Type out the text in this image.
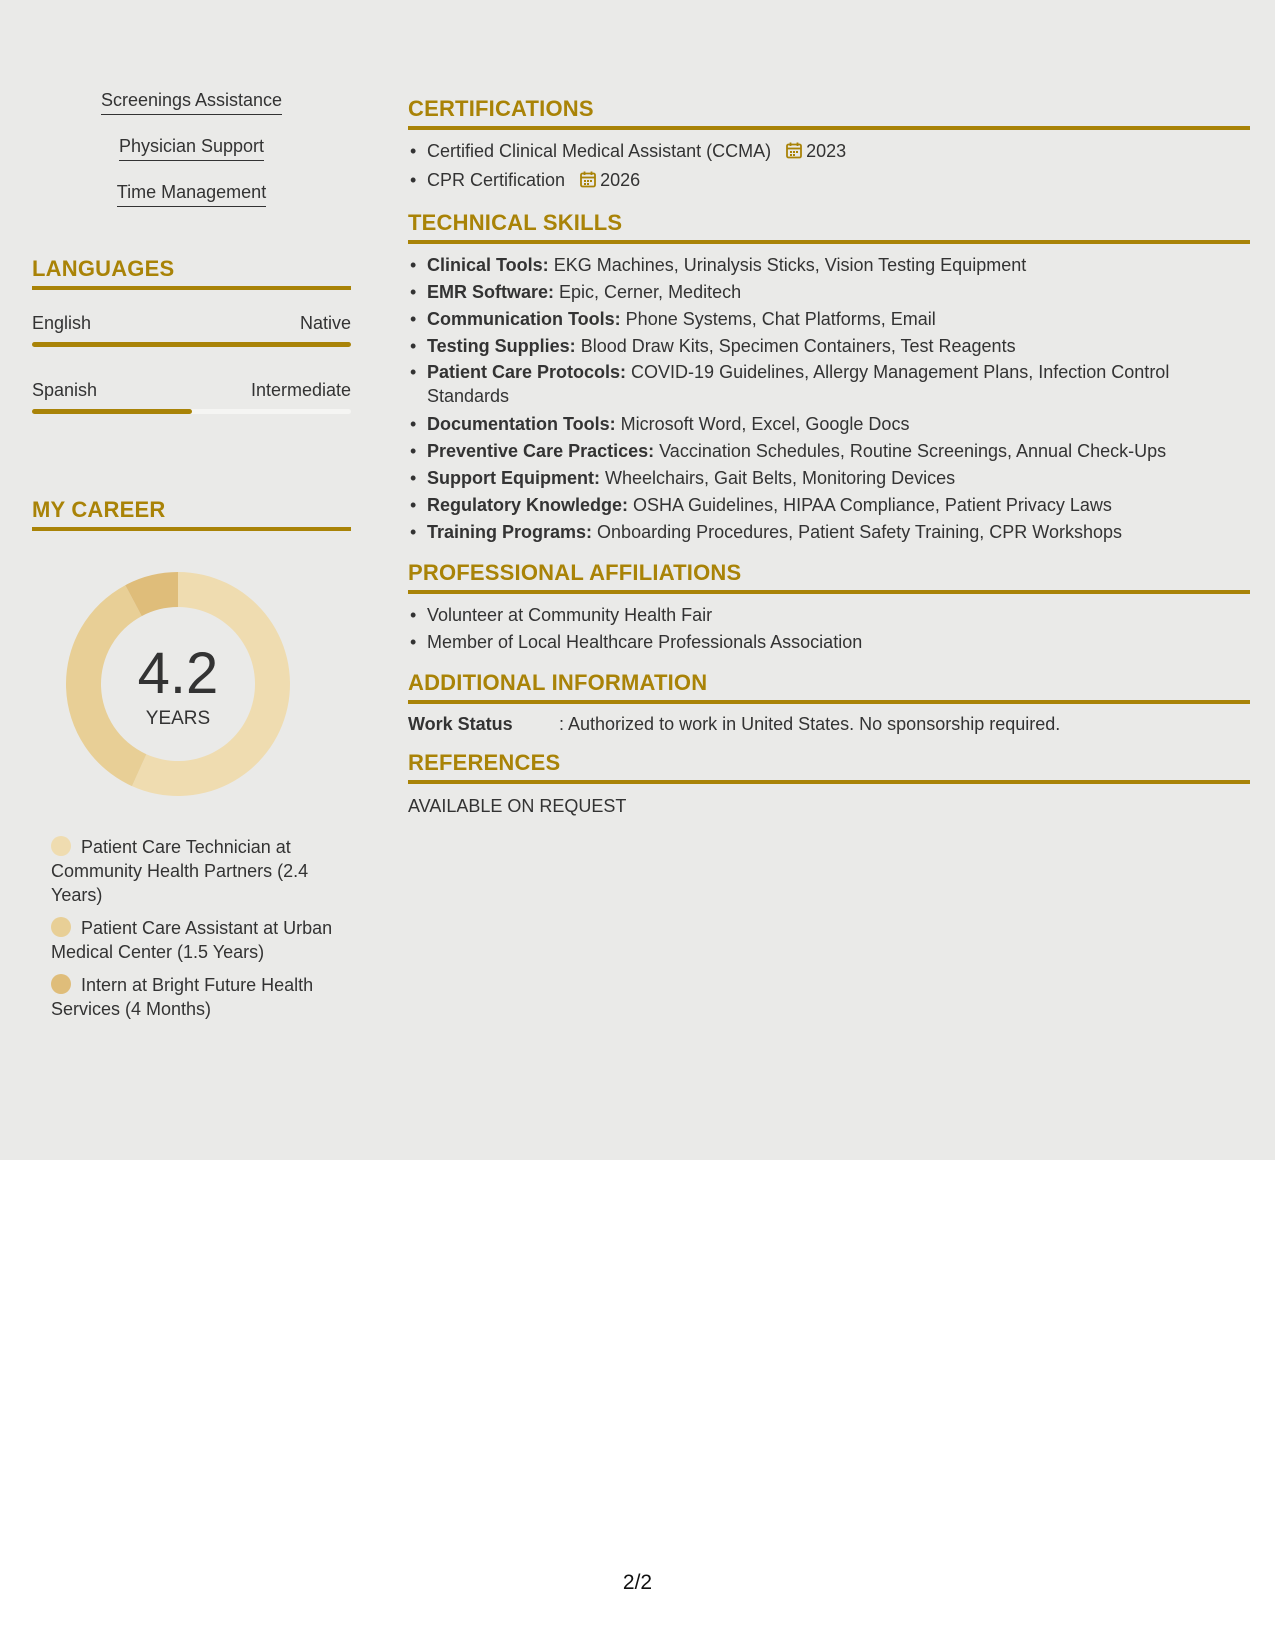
Screenings Assistance
Physician Support
Time Management
LANGUAGES
English	Native
Spanish	Intermediate
MY CAREER
4.2
YEARS
Patient Care Technician at Community Health Partners (2.4 Years)
Patient Care Assistant at Urban Medical Center (1.5 Years)
Intern at Bright Future Health Services (4 Months)
CERTIFICATIONS
• Certified Clinical Medical Assistant (CCMA) 2023
• CPR Certification 2026
TECHNICAL SKILLS
• Clinical Tools: EKG Machines, Urinalysis Sticks, Vision Testing Equipment
• EMR Software: Epic, Cerner, Meditech
• Communication Tools: Phone Systems, Chat Platforms, Email
• Testing Supplies: Blood Draw Kits, Specimen Containers, Test Reagents
• Patient Care Protocols: COVID-19 Guidelines, Allergy Management Plans, Infection Control Standards
• Documentation Tools: Microsoft Word, Excel, Google Docs
• Preventive Care Practices: Vaccination Schedules, Routine Screenings, Annual Check-Ups
• Support Equipment: Wheelchairs, Gait Belts, Monitoring Devices
• Regulatory Knowledge: OSHA Guidelines, HIPAA Compliance, Patient Privacy Laws
• Training Programs: Onboarding Procedures, Patient Safety Training, CPR Workshops
PROFESSIONAL AFFILIATIONS
• Volunteer at Community Health Fair
• Member of Local Healthcare Professionals Association
ADDITIONAL INFORMATION
Work Status	: Authorized to work in United States. No sponsorship required.
REFERENCES
AVAILABLE ON REQUEST
2/2
